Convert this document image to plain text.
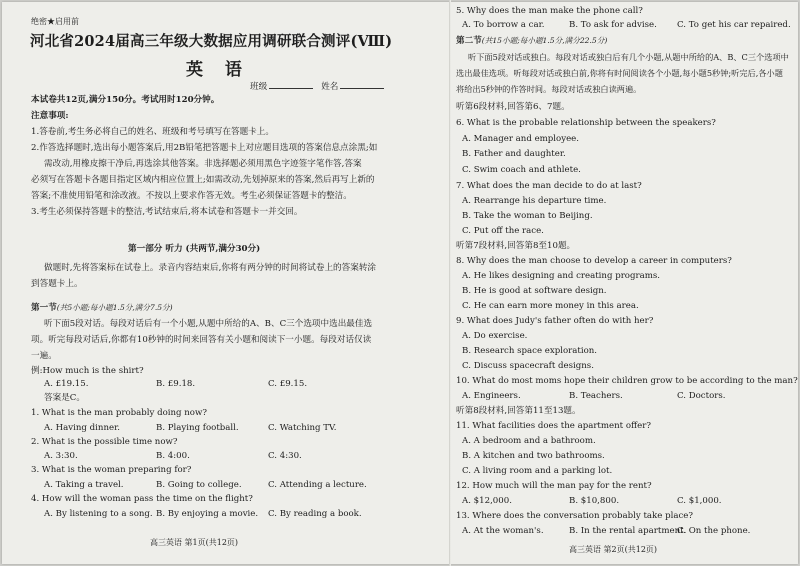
绝密★启用前
河北省2024届高三年级大数据应用调研联合测评(Ⅷ)
英 语
班级	姓名
本试卷共12页,满分150分。考试用时120分钟。
注意事项:
1.答卷前,考生务必将自己的姓名、班级和考号填写在答题卡上。
2.作答选择题时,选出每小题答案后,用2B铅笔把答题卡上对应题目选项的答案信息点涂黑;如
需改动,用橡皮擦干净后,再选涂其他答案。非选择题必须用黑色字迹签字笔作答,答案
必须写在答题卡各题目指定区域内相应位置上;如需改动,先划掉原来的答案,然后再写上新的
答案;不准使用铅笔和涂改液。不按以上要求作答无效。考生必须保证答题卡的整洁。
3.考生必须保持答题卡的整洁,考试结束后,将本试卷和答题卡一并交回。
第一部分 听力 (共两节,满分30分)
做题时,先将答案标在试卷上。录音内容结束后,你将有两分钟的时间将试卷上的答案转涂
到答题卡上。
第一节(共5小题;每小题1.5分,满分7.5分)
听下面5段对话。每段对话后有一个小题,从题中所给的A、B、C三个选项中选出最佳选
项。听完每段对话后,你都有10秒钟的时间来回答有关小题和阅读下一小题。每段对话仅读
一遍。
例:How much is the shirt?
A. £19.15.	B. £9.18.	C. £9.15.
答案是C。
1. What is the man probably doing now?
A. Having dinner.	B. Playing football.	C. Watching TV.
2. What is the possible time now?
A. 3:30.	B. 4:00.	C. 4:30.
3. What is the woman preparing for?
A. Taking a travel.	B. Going to college.	C. Attending a lecture.
4. How will the woman pass the time on the flight?
A. By listening to a song. B. By enjoying a movie. C. By reading a book.
高三英语 第1页(共12页)
5. Why does the man make the phone call?
A. To borrow a car.	B. To ask for advise. C. To get his car repaired.
第二节(共15小题;每小题1.5分,满分22.5分)
听下面5段对话或独白。每段对话或独白后有几个小题,从题中所给的A、B、C三个选项中
选出最佳选项。听每段对话或独白前,你将有时间阅读各个小题,每小题5秒钟;听完后,各小题
将给出5秒钟的作答时间。每段对话或独白读两遍。
听第6段材料,回答第6、7题。
6. What is the probable relationship between the speakers?
A. Manager and employee.
B. Father and daughter.
C. Swim coach and athlete.
7. What does the man decide to do at last?
A. Rearrange his departure time.
B. Take the woman to Beijing.
C. Put off the race.
听第7段材料,回答第8至10题。
8. Why does the man choose to develop a career in computers?
A. He likes designing and creating programs.
B. He is good at software design.
C. He can earn more money in this area.
9. What does Judy's father often do with her?
A. Do exercise.
B. Research space exploration.
C. Discuss spacecraft designs.
10. What do most moms hope their children grow to be according to the man?
A. Engineers.	B. Teachers.	C. Doctors.
听第8段材料,回答第11至13题。
11. What facilities does the apartment offer?
A. A bedroom and a bathroom.
B. A kitchen and two bathrooms.
C. A living room and a parking lot.
12. How much will the man pay for the rent?
A. $12,000.	B. $10,800.	C. $1,000.
13. Where does the conversation probably take place?
A. At the woman's.	B. In the rental apartment.
C. On the phone.
高三英语 第2页(共12页)
